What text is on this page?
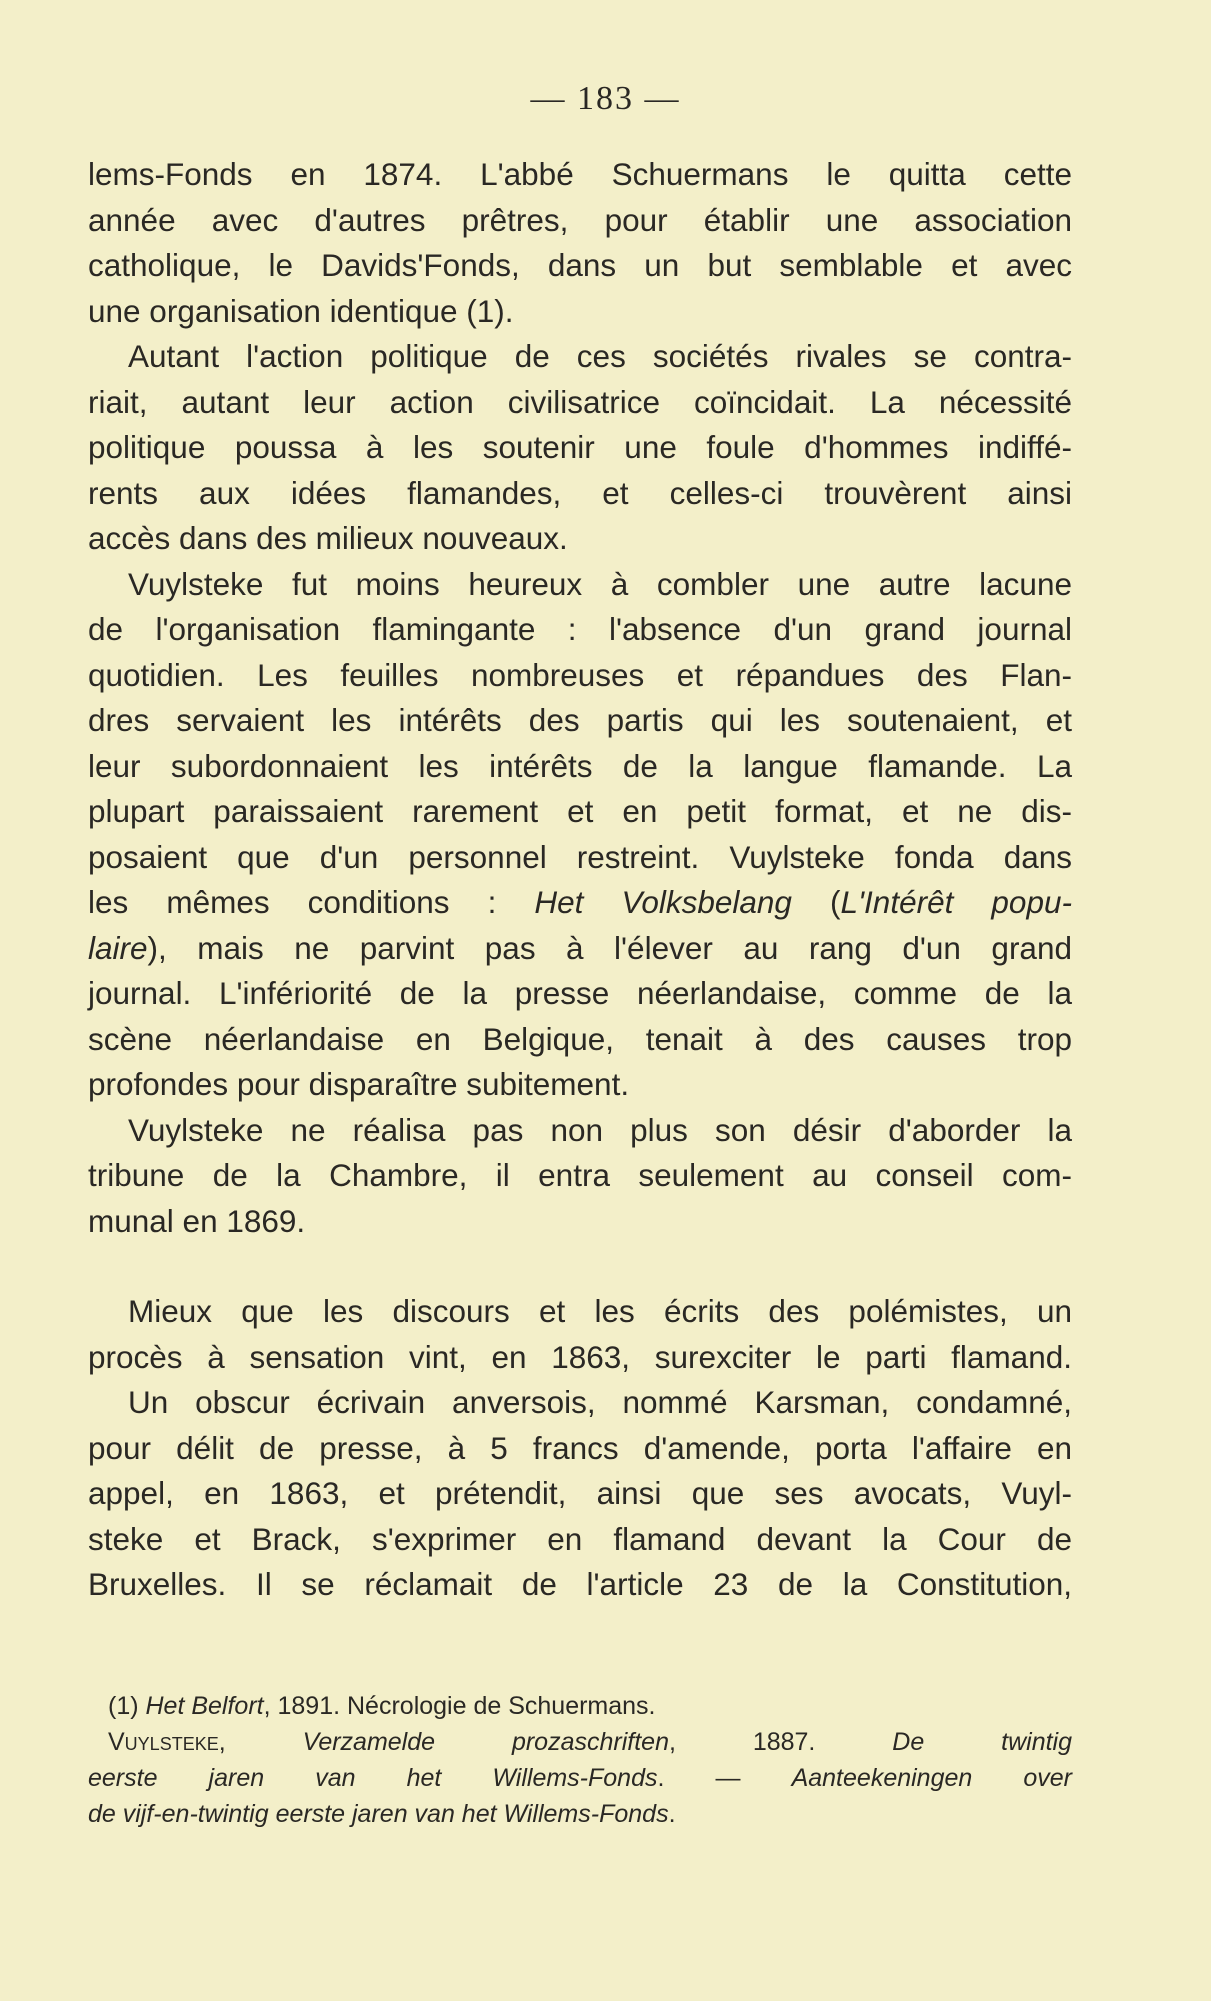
— 183 —
lems-Fonds en 1874. L'abbé Schuermans le quitta cette
année avec d'autres prêtres, pour établir une association
catholique, le Davids'Fonds, dans un but semblable et avec
une organisation identique (1).
Autant l'action politique de ces sociétés rivales se contra-
riait, autant leur action civilisatrice coïncidait. La nécessité
politique poussa à les soutenir une foule d'hommes indiffé-
rents aux idées flamandes, et celles-ci trouvèrent ainsi
accès dans des milieux nouveaux.
Vuylsteke fut moins heureux à combler une autre lacune
de l'organisation flamingante : l'absence d'un grand journal
quotidien. Les feuilles nombreuses et répandues des Flan-
dres servaient les intérêts des partis qui les soutenaient, et
leur subordonnaient les intérêts de la langue flamande. La
plupart paraissaient rarement et en petit format, et ne dis-
posaient que d'un personnel restreint. Vuylsteke fonda dans
les mêmes conditions : Het Volksbelang (L'Intérêt popu-
laire), mais ne parvint pas à l'élever au rang d'un grand
journal. L'infériorité de la presse néerlandaise, comme de la
scène néerlandaise en Belgique, tenait à des causes trop
profondes pour disparaître subitement.
Vuylsteke ne réalisa pas non plus son désir d'aborder la
tribune de la Chambre, il entra seulement au conseil com-
munal en 1869.
Mieux que les discours et les écrits des polémistes, un
procès à sensation vint, en 1863, surexciter le parti flamand.
Un obscur écrivain anversois, nommé Karsman, condamné,
pour délit de presse, à 5 francs d'amende, porta l'affaire en
appel, en 1863, et prétendit, ainsi que ses avocats, Vuyl-
steke et Brack, s'exprimer en flamand devant la Cour de
Bruxelles. Il se réclamait de l'article 23 de la Constitution,
(1) Het Belfort, 1891. Nécrologie de Schuermans.
Vuylsteke, Verzamelde prozaschriften, 1887. De twintig
eerste jaren van het Willems-Fonds. — Aanteekeningen over
de vijf-en-twintig eerste jaren van het Willems-Fonds.
